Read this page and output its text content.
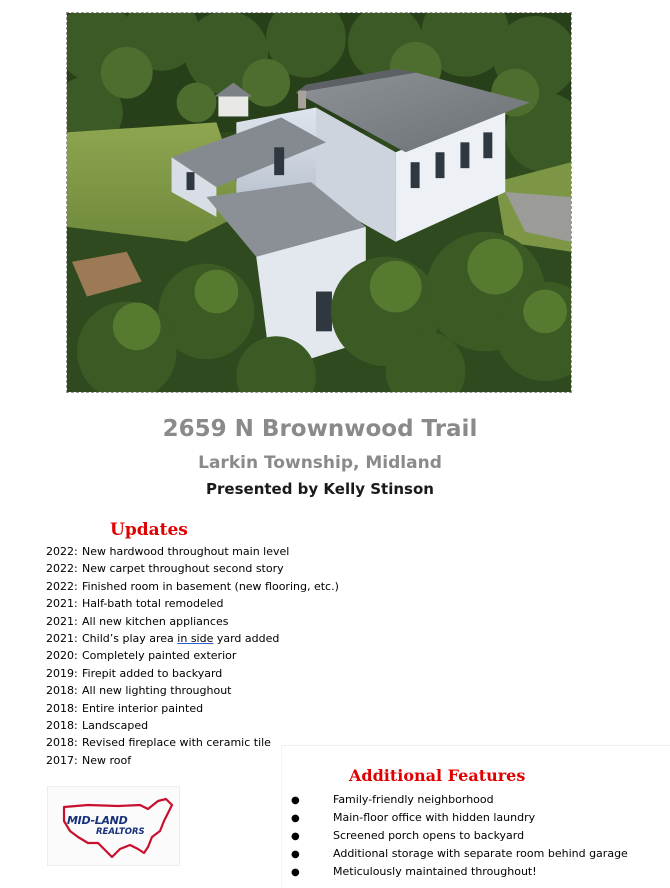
2659 N Brownwood Trail
Larkin Township, Midland
Presented by Kelly Stinson
Updates
2022: New hardwood throughout main level
2022: New carpet throughout second story
2022: Finished room in basement (new flooring, etc.)
2021: Half-bath total remodeled
2021: All new kitchen appliances
2021: Child’s play area in side yard added
2020: Completely painted exterior
2019: Firepit added to backyard
2018: All new lighting throughout
2018: Entire interior painted
2018: Landscaped
2018: Revised fireplace with ceramic tile
2017: New roof
Additional Features
●	Family-friendly neighborhood
●	Main-floor office with hidden laundry
●	Screened porch opens to backyard
●	Additional storage with separate room behind garage
●	Meticulously maintained throughout!
MID-LAND
REALTORS
